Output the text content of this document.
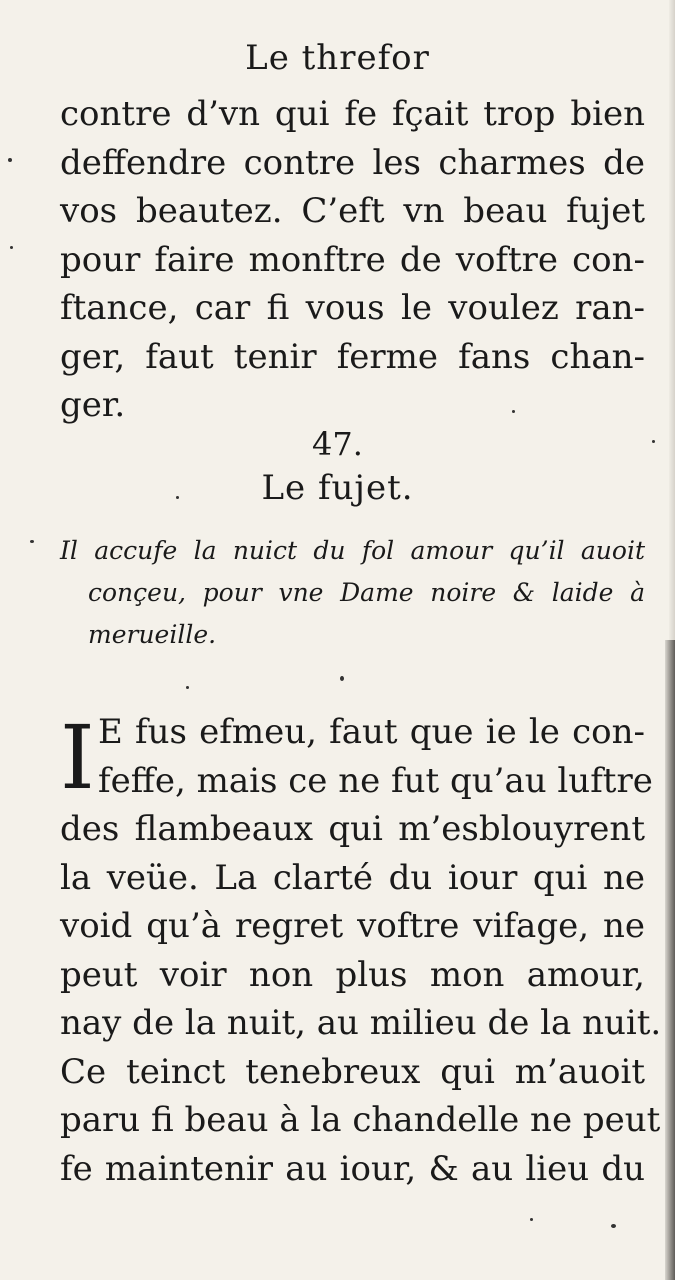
Le threfor
contre d’vn qui fe fçait trop bien
deffendre contre les charmes de
vos beautez. C’eft vn beau fujet
pour faire monftre de voftre con-
ftance, car fi vous le voulez ran-
ger, faut tenir ferme fans chan-
ger.
47.
Le fujet.
Il accufe la nuict du fol amour qu’il auoit
conçeu, pour vne Dame noire & laide à
merueille.
I E fus efmeu, faut que ie le con-
feffe, mais ce ne fut qu’au luftre
des flambeaux qui m’esblouyrent
la veüe. La clarté du iour qui ne
void qu’à regret voftre vifage, ne
peut voir non plus mon amour,
nay de la nuit, au milieu de la nuit.
Ce teinct tenebreux qui m’auoit
paru fi beau à la chandelle ne peut
fe maintenir au iour, & au lieu du
